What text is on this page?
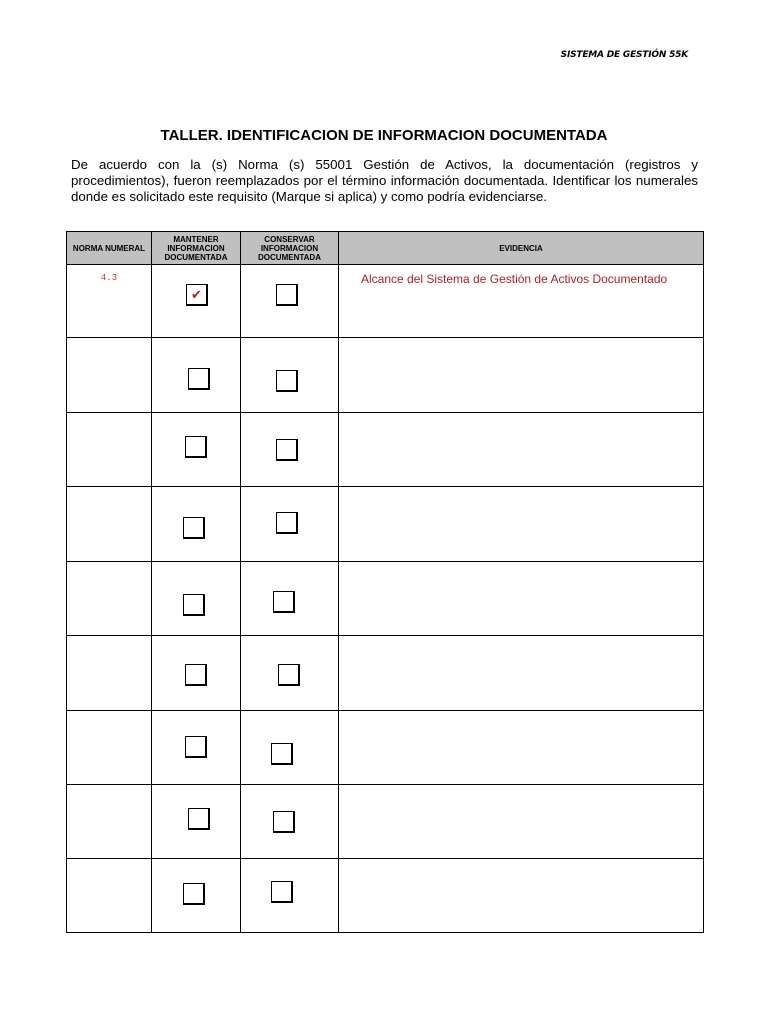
SISTEMA DE GESTIÓN 55K
TALLER. IDENTIFICACION DE INFORMACION DOCUMENTADA
De acuerdo con la (s) Norma (s) 55001 Gestión de Activos, la documentación (registros y procedimientos), fueron reemplazados por el término información documentada. Identificar los numerales donde es solicitado este requisito (Marque si aplica) y como podría evidenciarse.
NORMA NUMERAL	MANTENER INFORMACION DOCUMENTADA	CONSERVAR INFORMACION DOCUMENTADA	EVIDENCIA

4.3	✔		Alcance del Sistema de Gestión de Activos Documentado
